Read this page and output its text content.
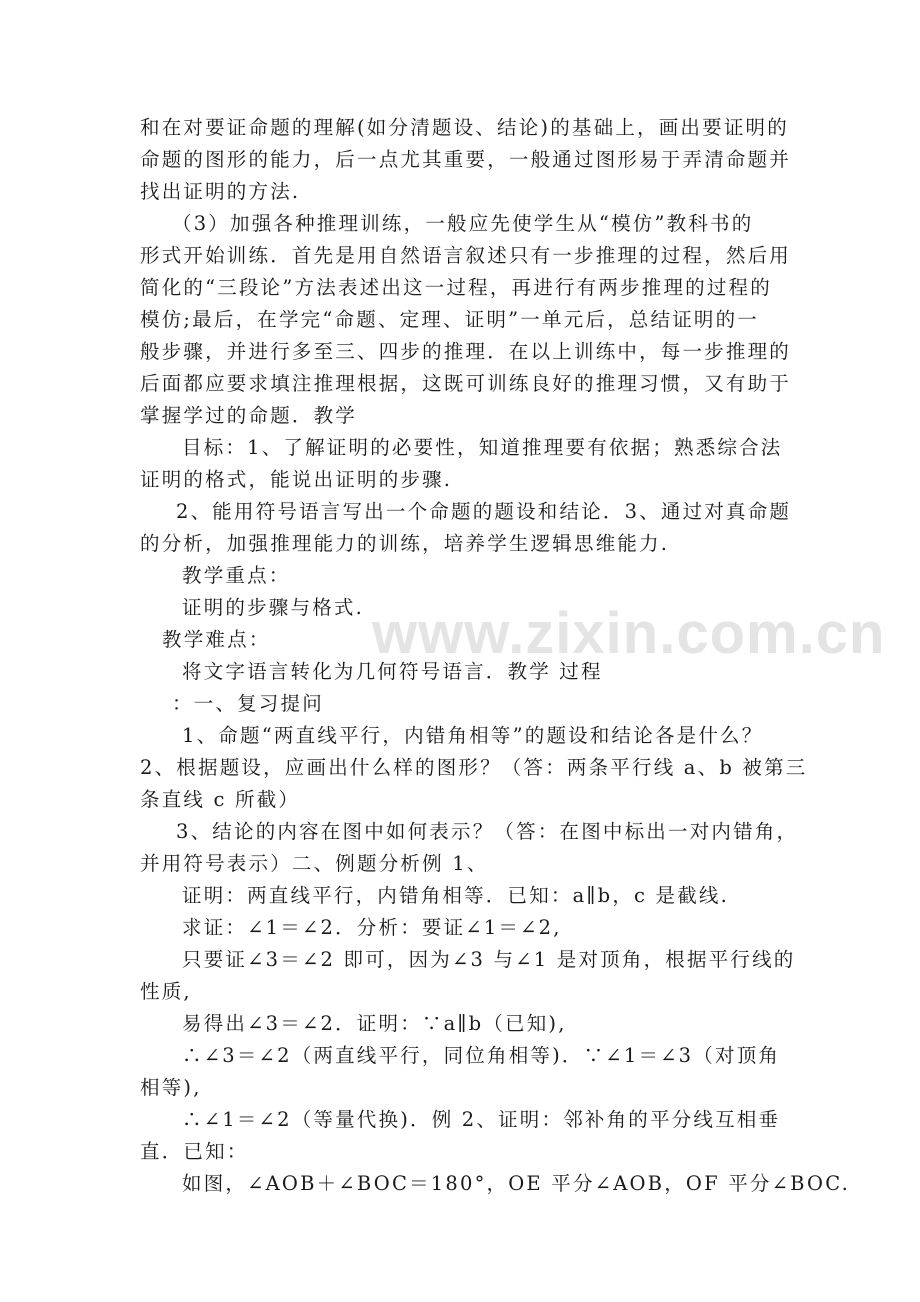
www.zixin.com.cn
和在对要证命题的理解(如分清题设、结论)的基础上，画出要证明的
命题的图形的能力，后一点尤其重要，一般通过图形易于弄清命题并
找出证明的方法.
（3）加强各种推理训练，一般应先使学生从“模仿”教科书的
形式开始训练．首先是用自然语言叙述只有一步推理的过程，然后用
简化的“三段论”方法表述出这一过程，再进行有两步推理的过程的
模仿;最后，在学完“命题、定理、证明”一单元后，总结证明的一
般步骤，并进行多至三、四步的推理．在以上训练中，每一步推理的
后面都应要求填注推理根据，这既可训练良好的推理习惯，又有助于
掌握学过的命题．教学
目标：1、了解证明的必要性，知道推理要有依据；熟悉综合法
证明的格式，能说出证明的步骤.
2、能用符号语言写出一个命题的题设和结论．3、通过对真命题
的分析，加强推理能力的训练，培养学生逻辑思维能力.
教学重点：
证明的步骤与格式.
教学难点：
将文字语言转化为几何符号语言．教学 过程
：一、复习提问
1、命题“两直线平行，内错角相等”的题设和结论各是什么？
2、根据题设，应画出什么样的图形？（答：两条平行线 a、b 被第三
条直线 c 所截）
3、结论的内容在图中如何表示？（答：在图中标出一对内错角，
并用符号表示）二、例题分析例 1、
证明：两直线平行，内错角相等．已知：a∥b，c 是截线.
求证：∠1＝∠2．分析：要证∠1＝∠2,
只要证∠3＝∠2 即可，因为∠3 与∠1 是对顶角，根据平行线的
性质,
易得出∠3＝∠2．证明：∵a∥b（已知),
∴∠3＝∠2（两直线平行，同位角相等)．∵∠1＝∠3（对顶角
相等),
∴∠1＝∠2（等量代换)．例 2、证明：邻补角的平分线互相垂
直．已知：
如图，∠AOB＋∠BOC＝180°，OE 平分∠AOB，OF 平分∠BOC.
